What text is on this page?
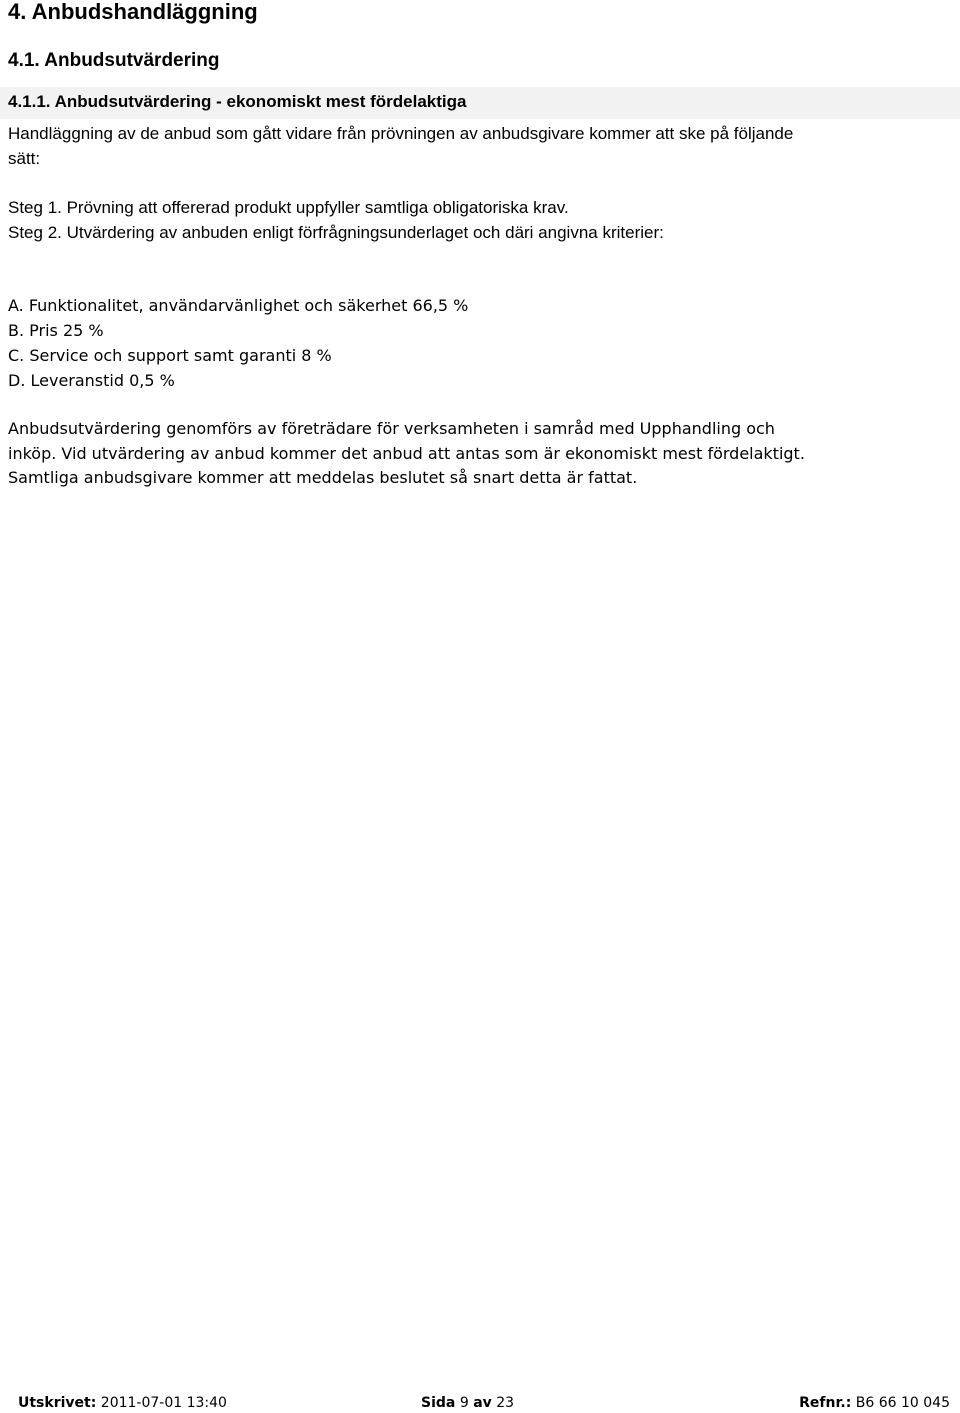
4. Anbudshandläggning
4.1. Anbudsutvärdering
4.1.1. Anbudsutvärdering - ekonomiskt mest fördelaktiga

Handläggning av de anbud som gått vidare från prövningen av anbudsgivare kommer att ske på följande sätt:

Steg 1. Prövning att offererad produkt uppfyller samtliga obligatoriska krav.

Steg 2. Utvärdering av anbuden enligt förfrågningsunderlaget och däri angivna kriterier:

A. Funktionalitet, användarvänlighet och säkerhet 66,5 %
B. Pris 25 %
C. Service och support samt garanti 8 %
D. Leveranstid 0,5 %

Anbudsutvärdering genomförs av företrädare för verksamheten i samråd med Upphandling och inköp. Vid utvärdering av anbud kommer det anbud att antas som är ekonomiskt mest fördelaktigt. Samtliga anbudsgivare kommer att meddelas beslutet så snart detta är fattat.

Utskrivet: 2011-07-01 13:40	Sida 9 av 23	Refnr.: B6 66 10 045
